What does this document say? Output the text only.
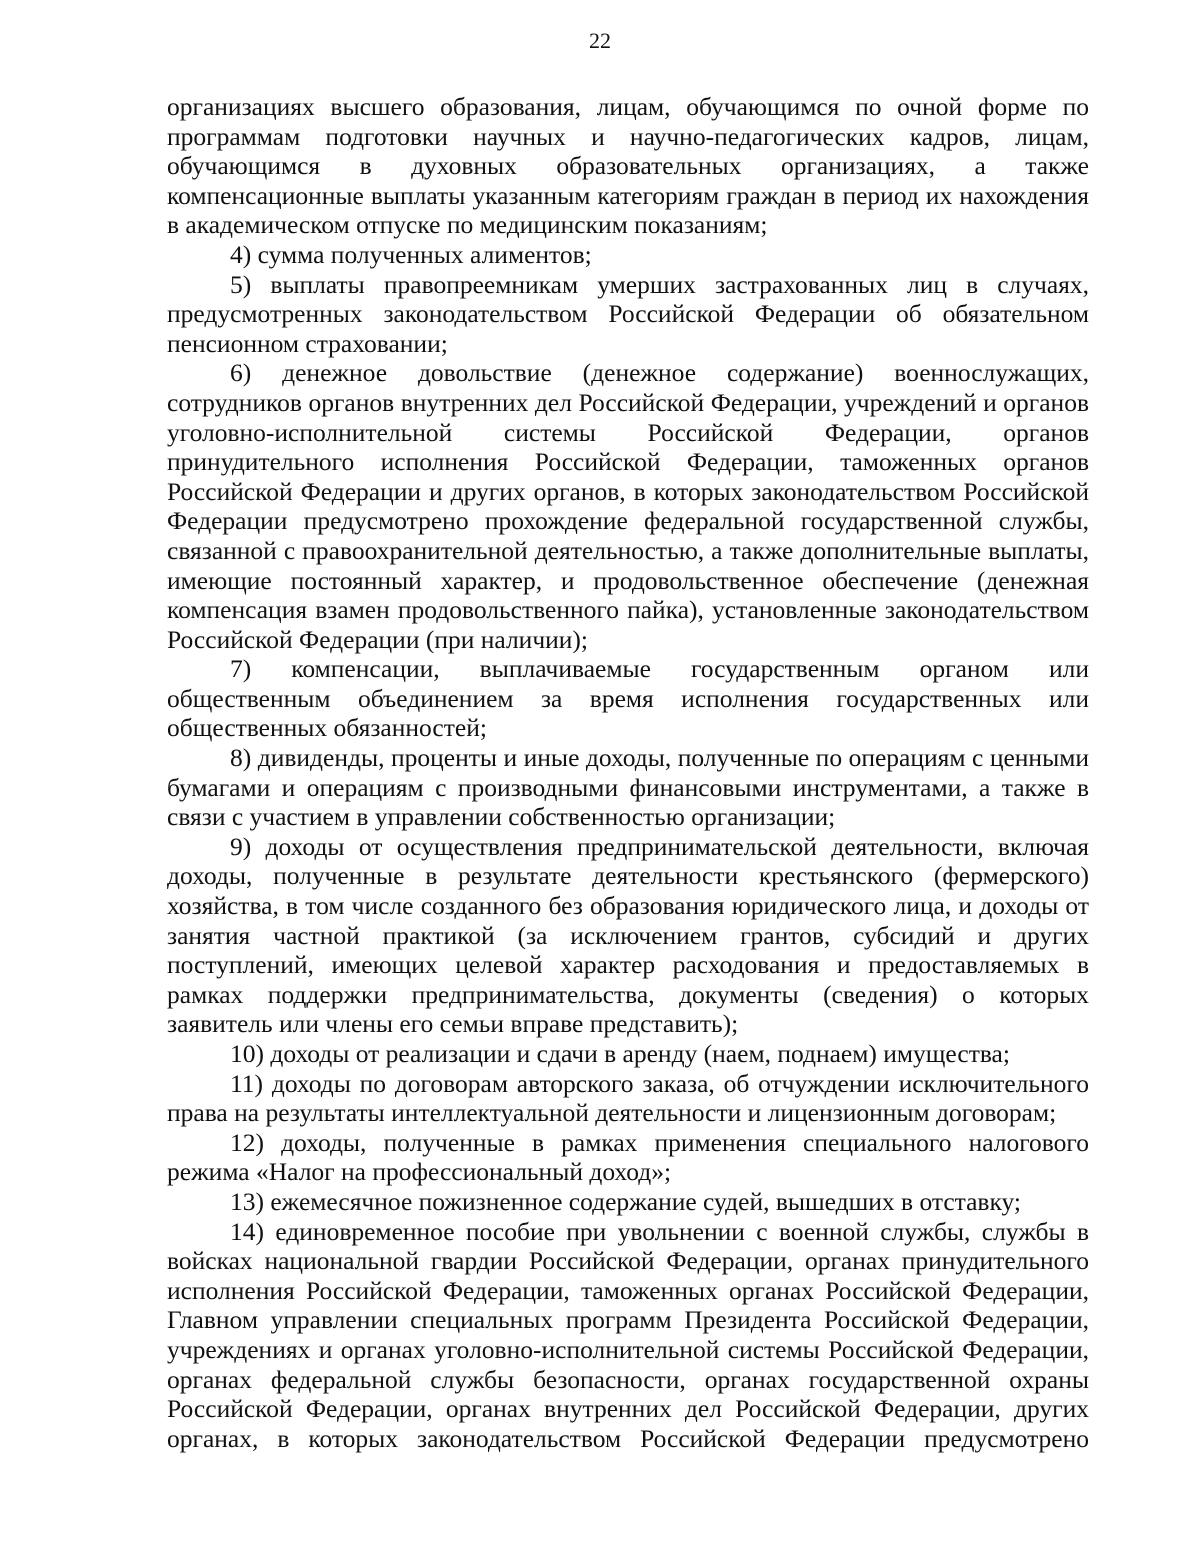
22

организациях высшего образования, лицам, обучающимся по очной форме по программам подготовки научных и научно-педагогических кадров, лицам, обучающимся в духовных образовательных организациях, а также компенсационные выплаты указанным категориям граждан в период их нахождения в академическом отпуске по медицинским показаниям;

4) сумма полученных алиментов;

5) выплаты правопреемникам умерших застрахованных лиц в случаях, предусмотренных законодательством Российской Федерации об обязательном пенсионном страховании;

6) денежное довольствие (денежное содержание) военнослужащих, сотрудников органов внутренних дел Российской Федерации, учреждений и органов уголовно-исполнительной системы Российской Федерации, органов принудительного исполнения Российской Федерации, таможенных органов Российской Федерации и других органов, в которых законодательством Российской Федерации предусмотрено прохождение федеральной государственной службы, связанной с правоохранительной деятельностью, а также дополнительные выплаты, имеющие постоянный характер, и продовольственное обеспечение (денежная компенсация взамен продовольственного пайка), установленные законодательством Российской Федерации (при наличии);

7) компенсации, выплачиваемые государственным органом или общественным объединением за время исполнения государственных или общественных обязанностей;

8) дивиденды, проценты и иные доходы, полученные по операциям с ценными бумагами и операциям с производными финансовыми инструментами, а также в связи с участием в управлении собственностью организации;

9) доходы от осуществления предпринимательской деятельности, включая доходы, полученные в результате деятельности крестьянского (фермерского) хозяйства, в том числе созданного без образования юридического лица, и доходы от занятия частной практикой (за исключением грантов, субсидий и других поступлений, имеющих целевой характер расходования и предоставляемых в рамках поддержки предпринимательства, документы (сведения) о которых заявитель или члены его семьи вправе представить);

10) доходы от реализации и сдачи в аренду (наем, поднаем) имущества;

11) доходы по договорам авторского заказа, об отчуждении исключительного права на результаты интеллектуальной деятельности и лицензионным договорам;

12) доходы, полученные в рамках применения специального налогового режима «Налог на профессиональный доход»;

13) ежемесячное пожизненное содержание судей, вышедших в отставку;

14) единовременное пособие при увольнении с военной службы, службы в войсках национальной гвардии Российской Федерации, органах принудительного исполнения Российской Федерации, таможенных органах Российской Федерации, Главном управлении специальных программ Президента Российской Федерации, учреждениях и органах уголовно-исполнительной системы Российской Федерации, органах федеральной службы безопасности, органах государственной охраны Российской Федерации, органах внутренних дел Российской Федерации, других органах, в которых законодательством Российской Федерации предусмотрено
